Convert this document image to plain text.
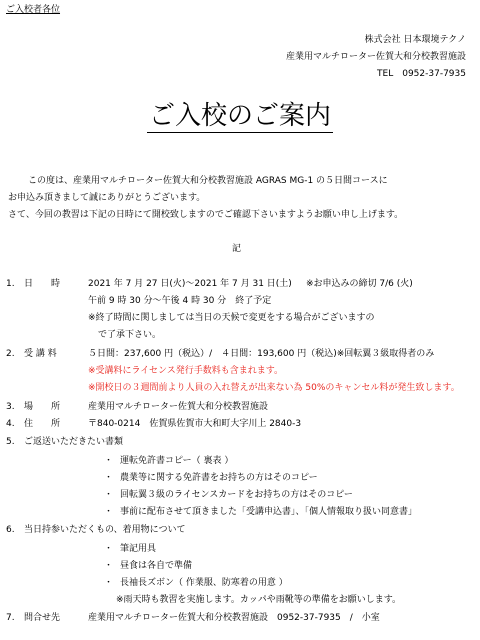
ご入校者各位
株式会社 日本環境テクノ
産業用マルチローター佐賀大和分校教習施設
TEL　0952-37-7935
ご入校のご案内
この度は、産業用マルチローター佐賀大和分校教習施設 AGRAS MG-1 の５日間コースに
お申込み頂きまして誠にありがとうございます。
さて、今回の教習は下記の日時にて開校致しますのでご確認下さいますようお願い申し上げます。
記
1. 日　　時	2021 年 7 月 27 日(火)〜2021 年 7 月 31 日(土) ※お申込みの締切 7/6 (火)
午前 9 時 30 分〜午後 4 時 30 分　終了予定
※終了時間に関しましては当日の天候で変更をする場合がございますの
で了承下さい。
2. 受 講 料	５日間：237,600 円（税込）/　４日間：193,600 円（税込)※回転翼３級取得者のみ
※受講料にライセンス発行手数料も含まれます。
※開校日の３週間前より人員の入れ替えが出来ない為 50%のキャンセル料が発生致します。
3. 場　　所	産業用マルチローター佐賀大和分校教習施設
4. 住　　所	〒840-0214　佐賀県佐賀市大和町大字川上 2840-3
5. ご返送いただきたい書類
・ 運転免許書コピー（ 裏表 ）
・ 農業等に関する免許書をお持ちの方はそのコピー
・ 回転翼３級のライセンスカードをお持ちの方はそのコピー
・ 事前に配布させて頂きました「受講申込書」、「個人情報取り扱い同意書」
6. 当日持参いただくもの、着用物について
・ 筆記用具
・ 昼食は各自で準備
・ 長袖長ズボン（ 作業服、防寒着の用意 ）
※雨天時も教習を実施します。カッパや雨靴等の準備をお願いします。
7. 問合せ先	産業用マルチローター佐賀大和分校教習施設　0952-37-7935　/　小室
